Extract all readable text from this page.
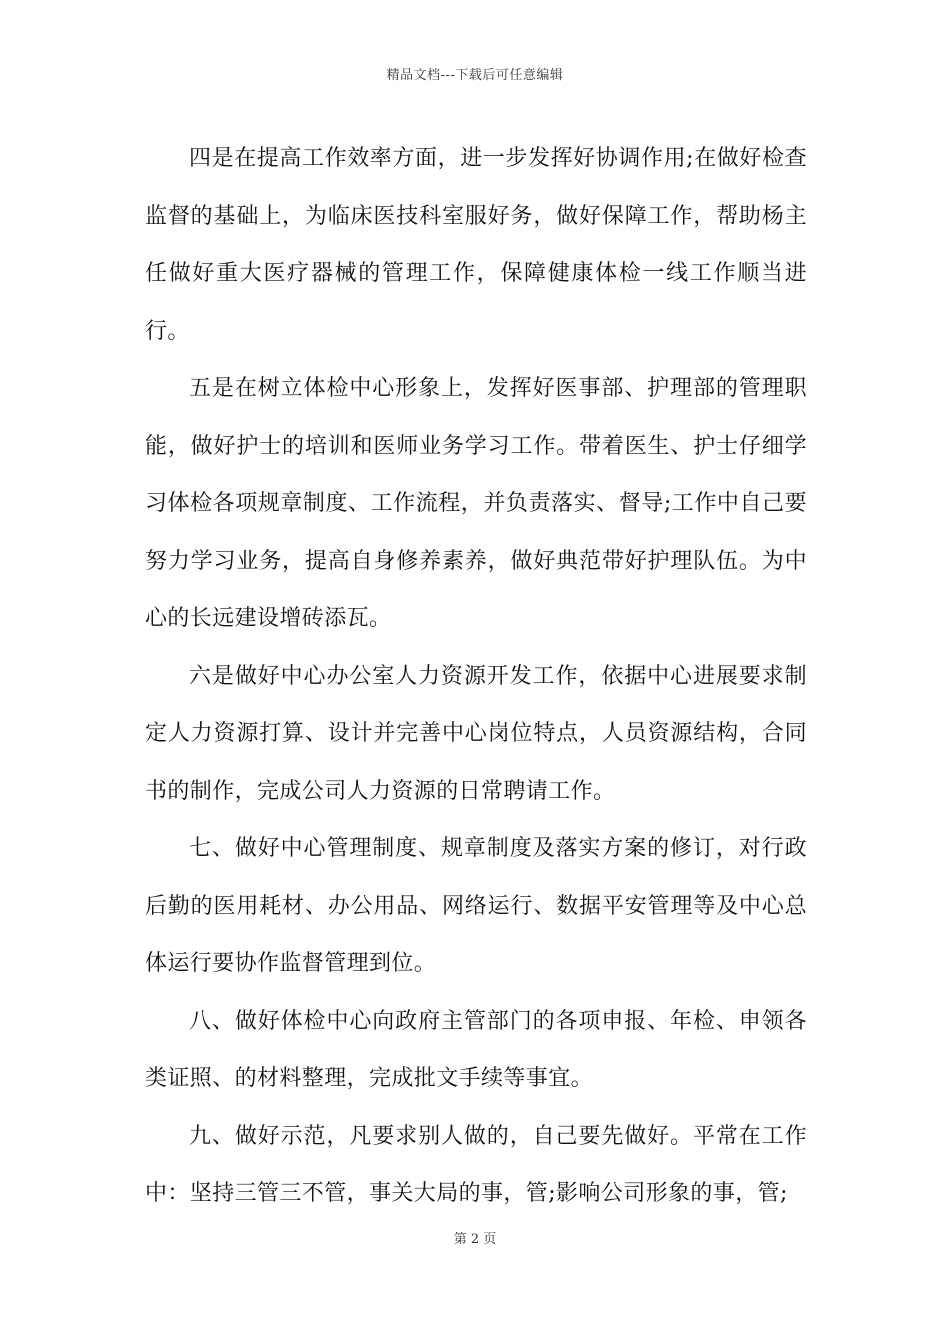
精品文档---下载后可任意编辑

四是在提高工作效率方面，进一步发挥好协调作用;在做好检查监督的基础上，为临床医技科室服好务，做好保障工作，帮助杨主任做好重大医疗器械的管理工作，保障健康体检一线工作顺当进行。

五是在树立体检中心形象上，发挥好医事部、护理部的管理职能，做好护士的培训和医师业务学习工作。带着医生、护士仔细学习体检各项规章制度、工作流程，并负责落实、督导;工作中自己要努力学习业务，提高自身修养素养，做好典范带好护理队伍。为中心的长远建设增砖添瓦。

六是做好中心办公室人力资源开发工作，依据中心进展要求制定人力资源打算、设计并完善中心岗位特点，人员资源结构，合同书的制作，完成公司人力资源的日常聘请工作。

七、做好中心管理制度、规章制度及落实方案的修订，对行政后勤的医用耗材、办公用品、网络运行、数据平安管理等及中心总体运行要协作监督管理到位。

八、做好体检中心向政府主管部门的各项申报、年检、申领各类证照、的材料整理，完成批文手续等事宜。

九、做好示范，凡要求别人做的，自己要先做好。平常在工作中：坚持三管三不管，事关大局的事，管;影响公司形象的事，管;

第 2 页
